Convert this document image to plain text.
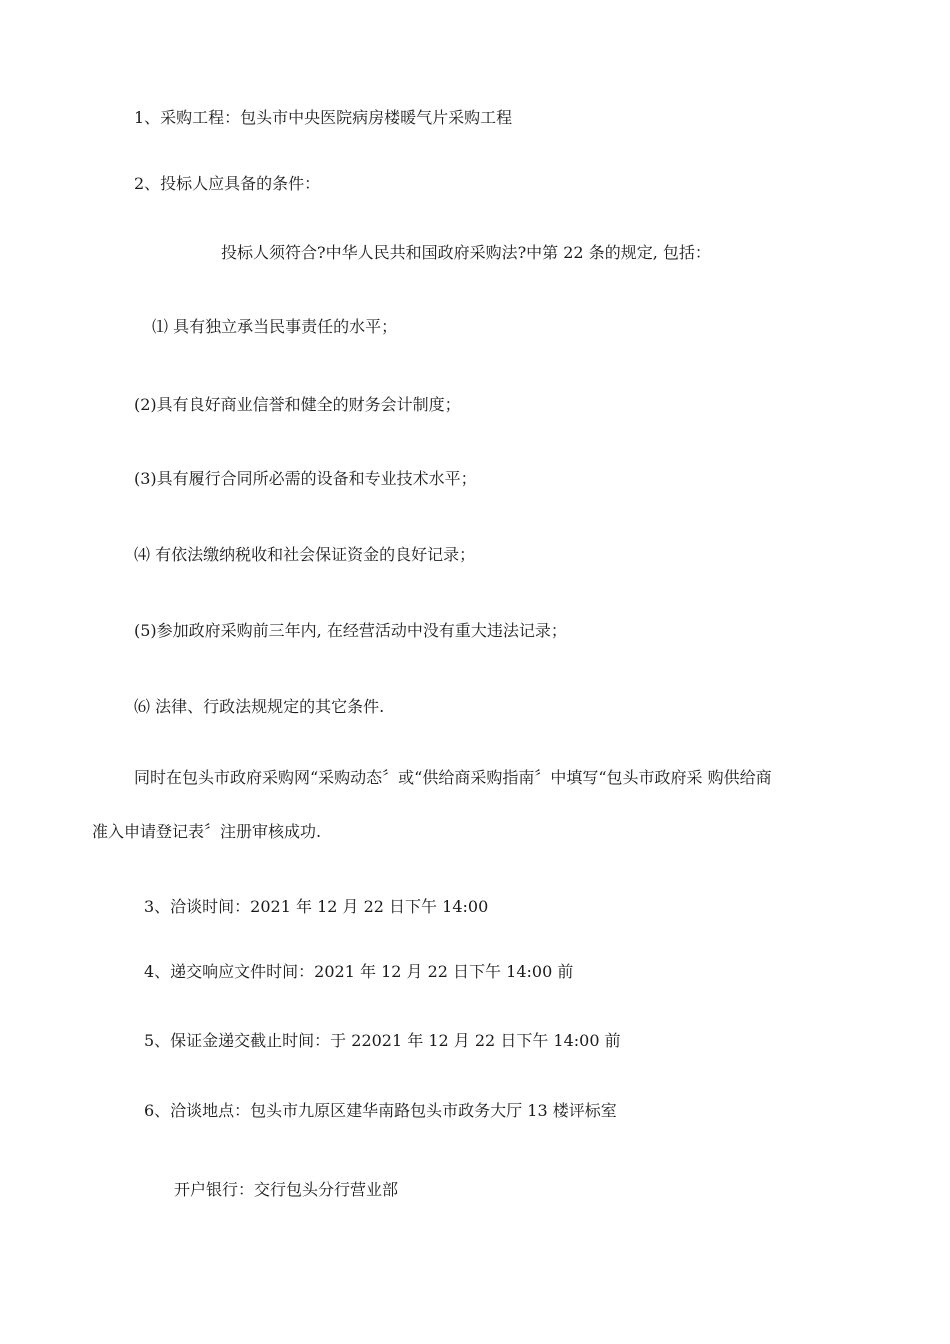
1、采购工程：包头市中央医院病房楼暖气片采购工程
2、投标人应具备的条件：
投标人须符合?中华人民共和国政府采购法?中第 22 条的规定, 包括：
⑴ 具有独立承当民事责任的水平；
(2)具有良好商业信誉和健全的财务会计制度；
(3)具有履行合同所必需的设备和专业技术水平；
⑷ 有依法缴纳税收和社会保证资金的良好记录；
(5)参加政府采购前三年内, 在经营活动中没有重大违法记录；
⑹ 法律、行政法规规定的其它条件.
同时在包头市政府采购网“采购动态〞或“供给商采购指南〞中填写“包头市政府采 购供给商
准入申请登记表〞注册审核成功.
3、洽谈时间：2021 年 12 月 22 日下午 14:00
4、递交响应文件时间：2021 年 12 月 22 日下午 14:00 前
5、保证金递交截止时间：于 22021 年 12 月 22 日下午 14:00 前
6、洽谈地点：包头市九原区建华南路包头市政务大厅 13 楼评标室
开户银行：交行包头分行营业部
